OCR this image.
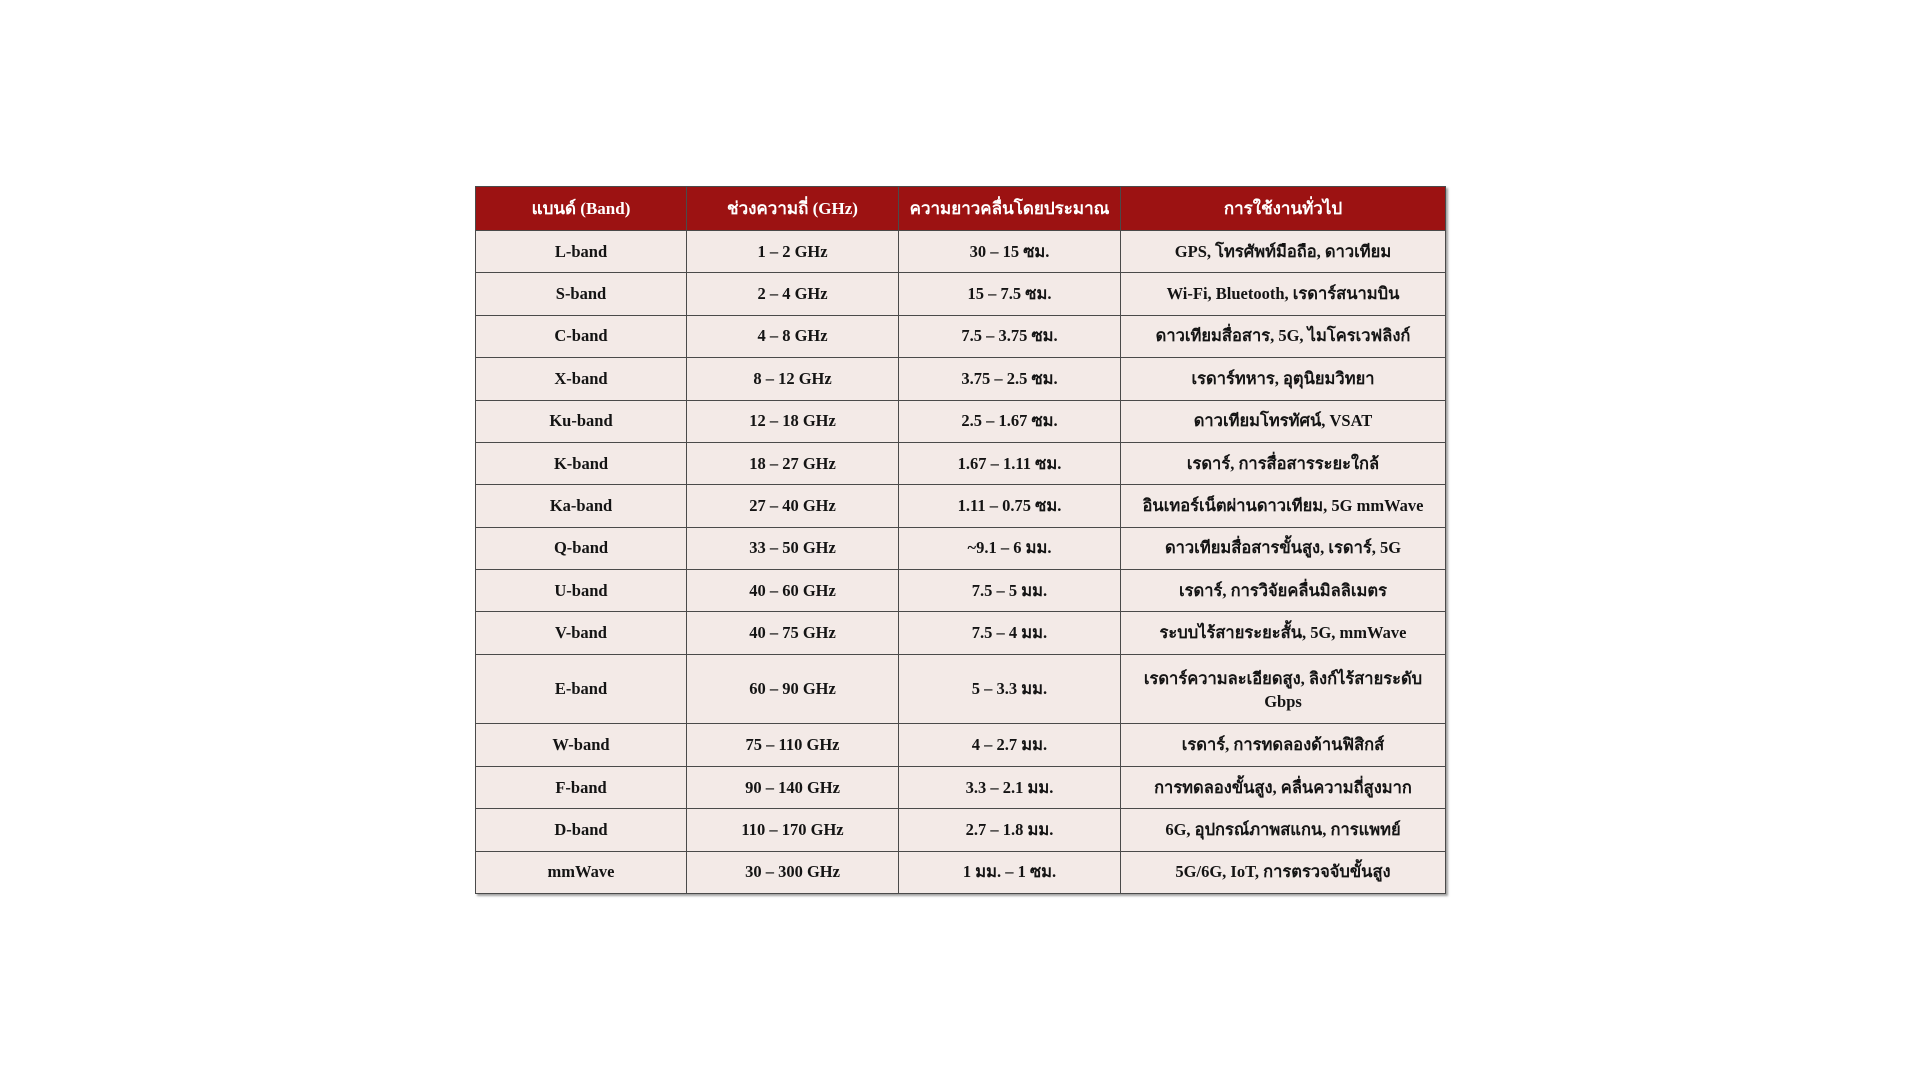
แบนด์ (Band)	ช่วงความถี่ (GHz)	ความยาวคลื่นโดยประมาณ	การใช้งานทั่วไป
L-band	1 – 2 GHz	30 – 15 ซม.	GPS, โทรศัพท์มือถือ, ดาวเทียม
S-band	2 – 4 GHz	15 – 7.5 ซม.	Wi-Fi, Bluetooth, เรดาร์สนามบิน
C-band	4 – 8 GHz	7.5 – 3.75 ซม.	ดาวเทียมสื่อสาร, 5G, ไมโครเวฟลิงก์
X-band	8 – 12 GHz	3.75 – 2.5 ซม.	เรดาร์ทหาร, อุตุนิยมวิทยา
Ku-band	12 – 18 GHz	2.5 – 1.67 ซม.	ดาวเทียมโทรทัศน์, VSAT
K-band	18 – 27 GHz	1.67 – 1.11 ซม.	เรดาร์, การสื่อสารระยะใกล้
Ka-band	27 – 40 GHz	1.11 – 0.75 ซม.	อินเทอร์เน็ตผ่านดาวเทียม, 5G mmWave
Q-band	33 – 50 GHz	~9.1 – 6 มม.	ดาวเทียมสื่อสารขั้นสูง, เรดาร์, 5G
U-band	40 – 60 GHz	7.5 – 5 มม.	เรดาร์, การวิจัยคลื่นมิลลิเมตร
V-band	40 – 75 GHz	7.5 – 4 มม.	ระบบไร้สายระยะสั้น, 5G, mmWave
E-band	60 – 90 GHz	5 – 3.3 มม.	เรดาร์ความละเอียดสูง, ลิงก์ไร้สายระดับ Gbps
W-band	75 – 110 GHz	4 – 2.7 มม.	เรดาร์, การทดลองด้านฟิสิกส์
F-band	90 – 140 GHz	3.3 – 2.1 มม.	การทดลองขั้นสูง, คลื่นความถี่สูงมาก
D-band	110 – 170 GHz	2.7 – 1.8 มม.	6G, อุปกรณ์ภาพสแกน, การแพทย์
mmWave	30 – 300 GHz	1 มม. – 1 ซม.	5G/6G, IoT, การตรวจจับขั้นสูง
